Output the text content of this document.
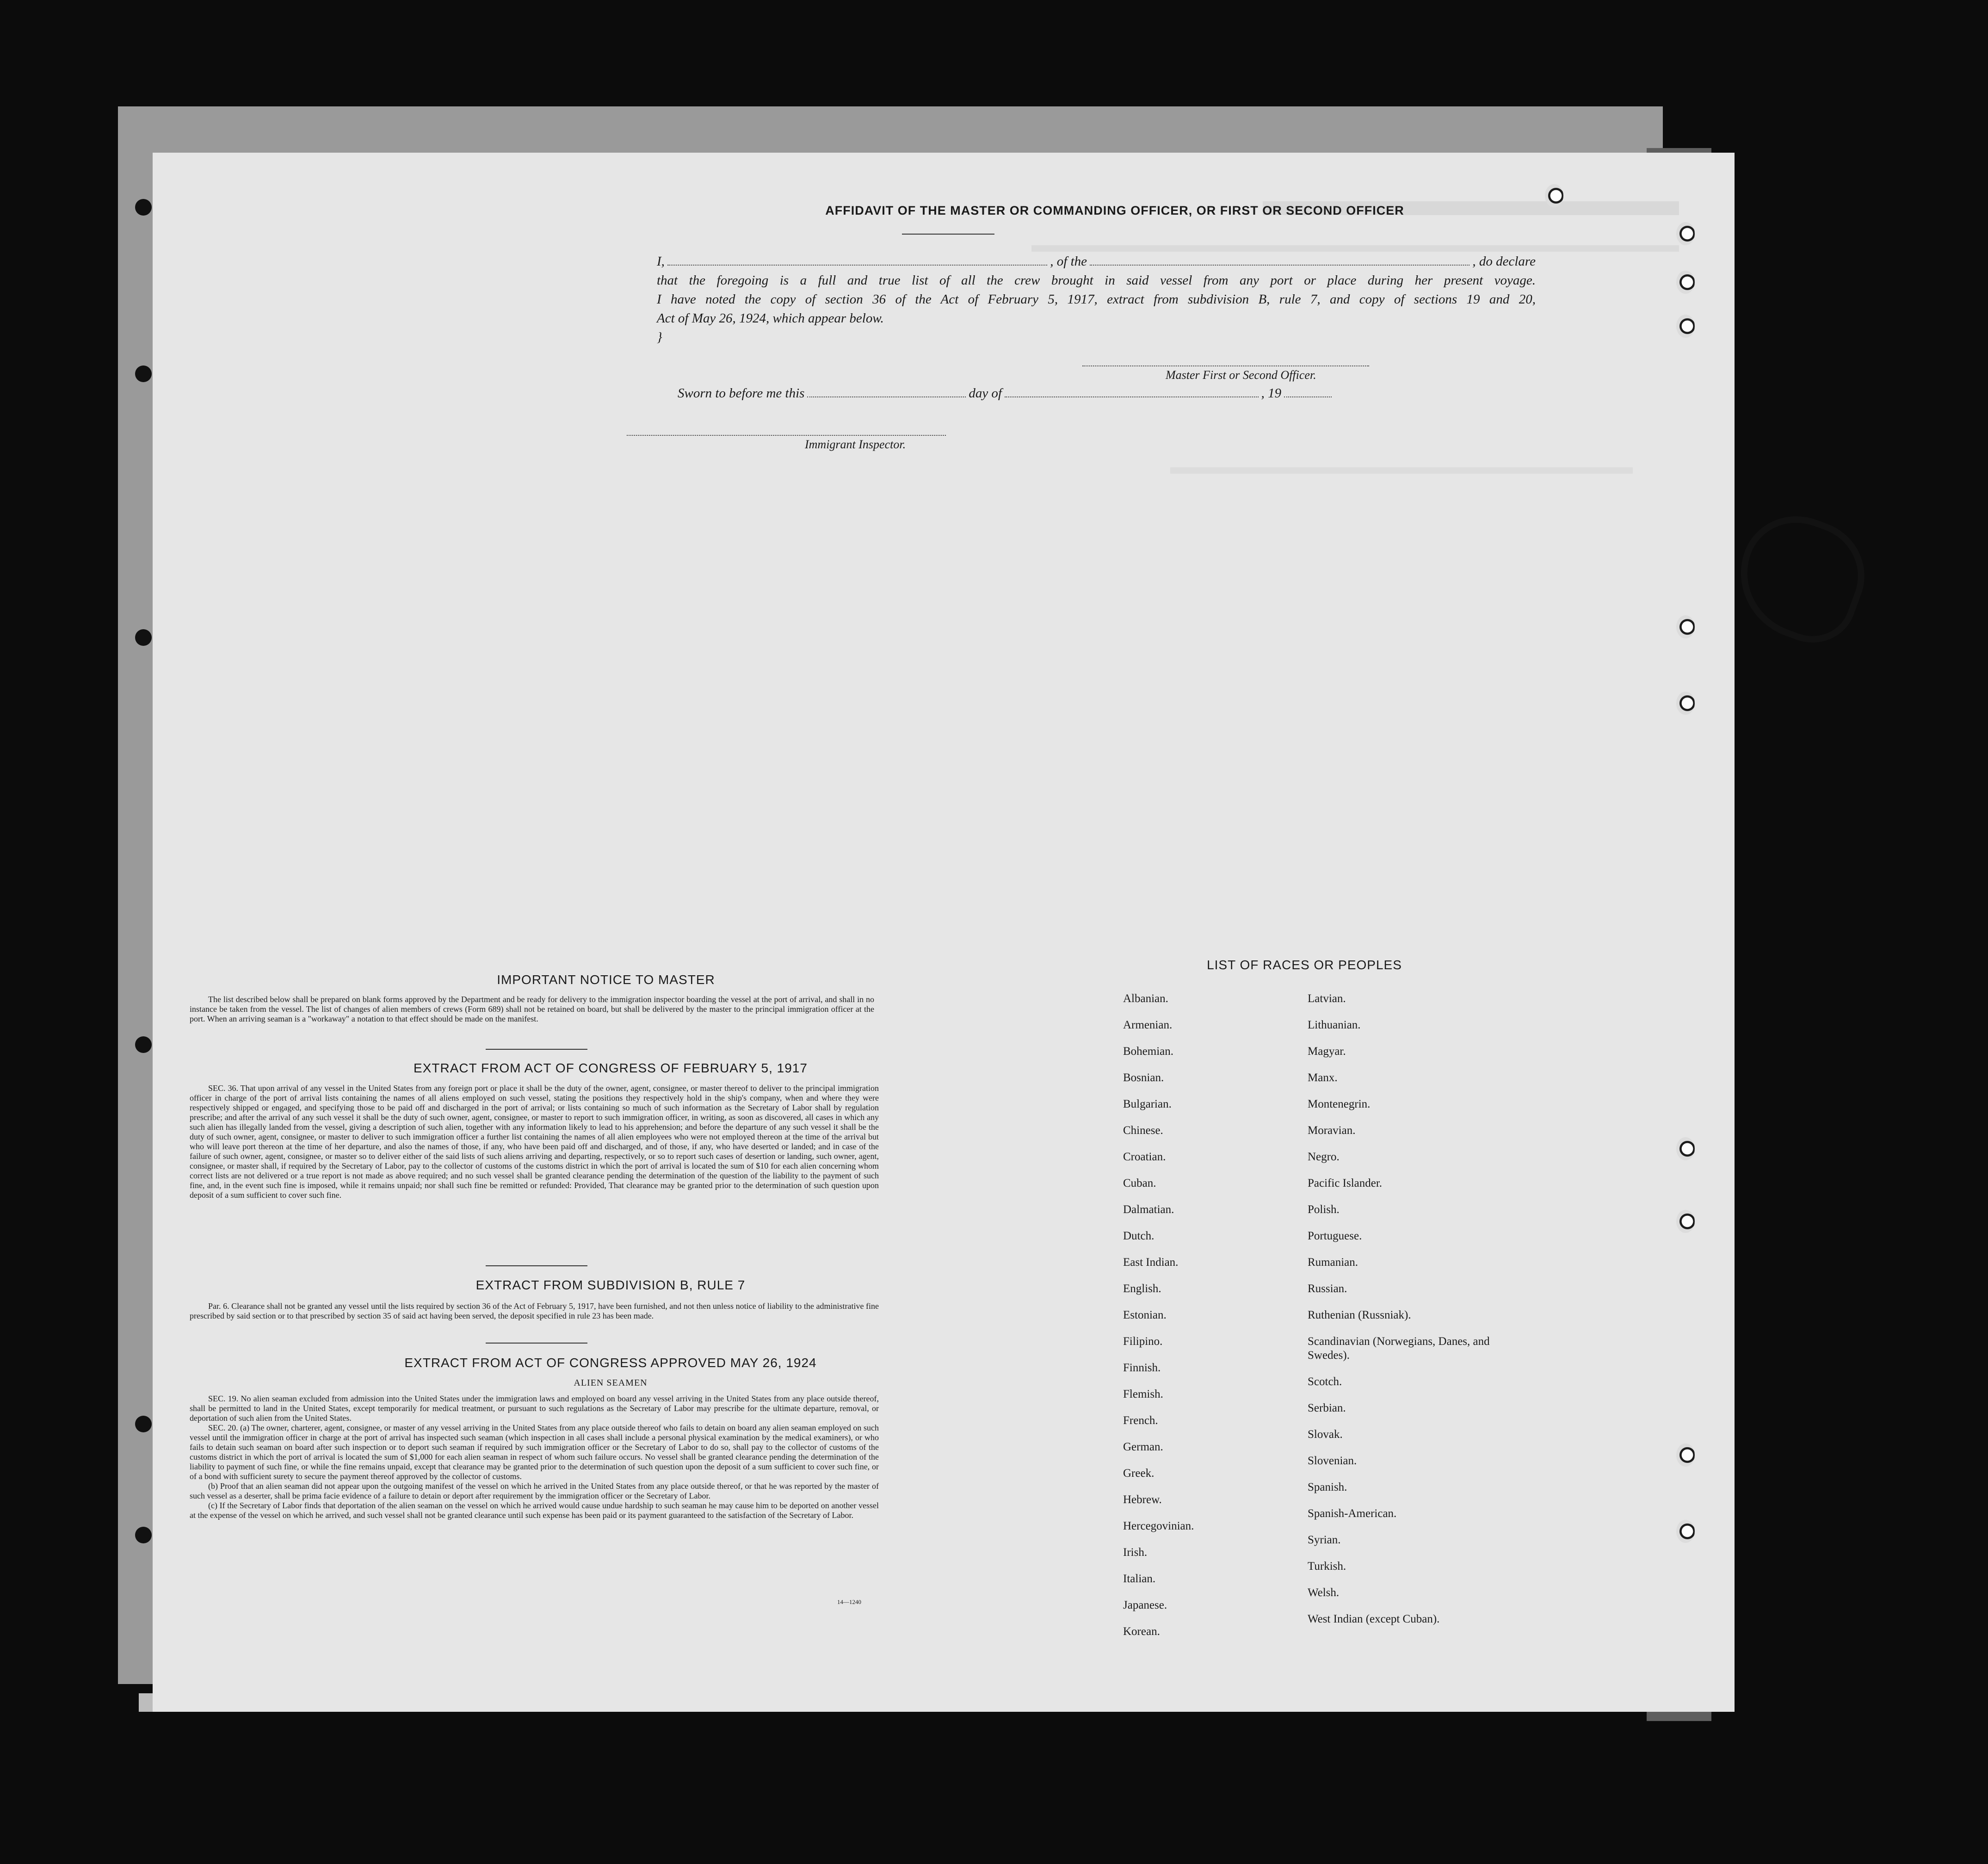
AFFIDAVIT OF THE MASTER OR COMMANDING OFFICER, OR FIRST OR SECOND OFFICER
I,	, of the	, do declare
that the foregoing is a full and true list of all the crew brought in said vessel from any port or place during her present voyage.
I have noted the copy of section 36 of the Act of February 5, 1917, extract from subdivision B, rule 7, and copy of sections 19 and 20,
Act of May 26, 1924, which appear below.
}
Master First or Second Officer.
Sworn to before me this	day of	, 19
Immigrant Inspector.
IMPORTANT NOTICE TO MASTER

The list described below shall be prepared on blank forms approved by the Department and be ready for delivery to the immigration inspector boarding the vessel at the port of arrival, and shall in no instance be taken from the vessel. The list of changes of alien members of crews (Form 689) shall not be retained on board, but shall be delivered by the master to the principal immigration officer at the port. When an arriving seaman is a "workaway" a notation to that effect should be made on the manifest.

EXTRACT FROM ACT OF CONGRESS OF FEBRUARY 5, 1917

SEC. 36. That upon arrival of any vessel in the United States from any foreign port or place it shall be the duty of the owner, agent, consignee, or master thereof to deliver to the principal immigration officer in charge of the port of arrival lists containing the names of all aliens employed on such vessel, stating the positions they respectively hold in the ship's company, when and where they were respectively shipped or engaged, and specifying those to be paid off and discharged in the port of arrival; or lists containing so much of such information as the Secretary of Labor shall by regulation prescribe; and after the arrival of any such vessel it shall be the duty of such owner, agent, consignee, or master to report to such immigration officer, in writing, as soon as discovered, all cases in which any such alien has illegally landed from the vessel, giving a description of such alien, together with any information likely to lead to his apprehension; and before the departure of any such vessel it shall be the duty of such owner, agent, consignee, or master to deliver to such immigration officer a further list containing the names of all alien employees who were not employed thereon at the time of the arrival but who will leave port thereon at the time of her departure, and also the names of those, if any, who have been paid off and discharged, and of those, if any, who have deserted or landed; and in case of the failure of such owner, agent, consignee, or master so to deliver either of the said lists of such aliens arriving and departing, respectively, or so to report such cases of desertion or landing, such owner, agent, consignee, or master shall, if required by the Secretary of Labor, pay to the collector of customs of the customs district in which the port of arrival is located the sum of $10 for each alien concerning whom correct lists are not delivered or a true report is not made as above required; and no such vessel shall be granted clearance pending the determination of the question of the liability to the payment of such fine, and, in the event such fine is imposed, while it remains unpaid; nor shall such fine be remitted or refunded: Provided, That clearance may be granted prior to the determination of such question upon deposit of a sum sufficient to cover such fine.

EXTRACT FROM SUBDIVISION B, RULE 7

Par. 6. Clearance shall not be granted any vessel until the lists required by section 36 of the Act of February 5, 1917, have been furnished, and not then unless notice of liability to the administrative fine prescribed by said section or to that prescribed by section 35 of said act having been served, the deposit specified in rule 23 has been made.

EXTRACT FROM ACT OF CONGRESS APPROVED MAY 26, 1924
ALIEN SEAMEN

SEC. 19. No alien seaman excluded from admission into the United States under the immigration laws and employed on board any vessel arriving in the United States from any place outside thereof, shall be permitted to land in the United States, except temporarily for medical treatment, or pursuant to such regulations as the Secretary of Labor may prescribe for the ultimate departure, removal, or deportation of such alien from the United States.

SEC. 20. (a) The owner, charterer, agent, consignee, or master of any vessel arriving in the United States from any place outside thereof who fails to detain on board any alien seaman employed on such vessel until the immigration officer in charge at the port of arrival has inspected such seaman (which inspection in all cases shall include a personal physical examination by the medical examiners), or who fails to detain such seaman on board after such inspection or to deport such seaman if required by such immigration officer or the Secretary of Labor to do so, shall pay to the collector of customs of the customs district in which the port of arrival is located the sum of $1,000 for each alien seaman in respect of whom such failure occurs. No vessel shall be granted clearance pending the determination of the liability to payment of such fine, or while the fine remains unpaid, except that clearance may be granted prior to the determination of such question upon the deposit of a sum sufficient to cover such fine, or of a bond with sufficient surety to secure the payment thereof approved by the collector of customs.

(b) Proof that an alien seaman did not appear upon the outgoing manifest of the vessel on which he arrived in the United States from any place outside thereof, or that he was reported by the master of such vessel as a deserter, shall be prima facie evidence of a failure to detain or deport after requirement by the immigration officer or the Secretary of Labor.

(c) If the Secretary of Labor finds that deportation of the alien seaman on the vessel on which he arrived would cause undue hardship to such seaman he may cause him to be deported on another vessel at the expense of the vessel on which he arrived, and such vessel shall not be granted clearance until such expense has been paid or its payment guaranteed to the satisfaction of the Secretary of Labor.

14—1240
LIST OF RACES OR PEOPLES
Albanian.
Armenian.
Bohemian.
Bosnian.
Bulgarian.
Chinese.
Croatian.
Cuban.
Dalmatian.
Dutch.
East Indian.
English.
Estonian.
Filipino.
Finnish.
Flemish.
French.
German.
Greek.
Hebrew.
Hercegovinian.
Irish.
Italian.
Japanese.
Korean.
Latvian.
Lithuanian.
Magyar.
Manx.
Montenegrin.
Moravian.
Negro.
Pacific Islander.
Polish.
Portuguese.
Rumanian.
Russian.
Ruthenian (Russniak).
Scandinavian (Norwegians, Danes, and Swedes).
Scotch.
Serbian.
Slovak.
Slovenian.
Spanish.
Spanish-American.
Syrian.
Turkish.
Welsh.
West Indian (except Cuban).
